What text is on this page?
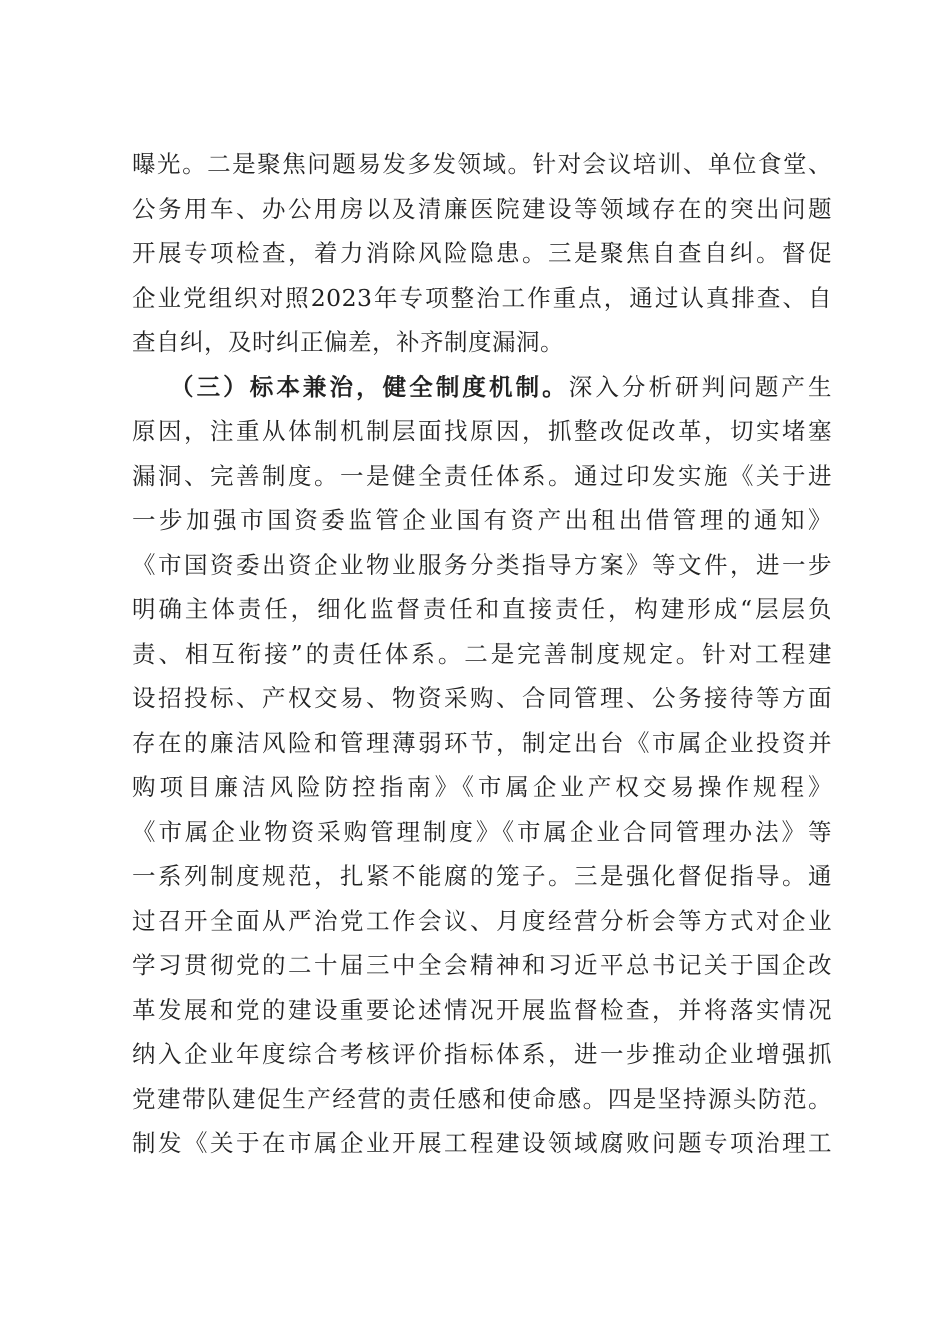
曝光。二是聚焦问题易发多发领域。针对会议培训、单位食堂、
公务用车、办公用房以及清廉医院建设等领域存在的突出问题
开展专项检查，着力消除风险隐患。三是聚焦自查自纠。督促
企业党组织对照2023年专项整治工作重点，通过认真排查、自
查自纠，及时纠正偏差，补齐制度漏洞。
（三）标本兼治，健全制度机制。深入分析研判问题产生
原因，注重从体制机制层面找原因，抓整改促改革，切实堵塞
漏洞、完善制度。一是健全责任体系。通过印发实施《关于进
一步加强市国资委监管企业国有资产出租出借管理的通知》
《市国资委出资企业物业服务分类指导方案》等文件，进一步
明确主体责任，细化监督责任和直接责任，构建形成“层层负
责、相互衔接”的责任体系。二是完善制度规定。针对工程建
设招投标、产权交易、物资采购、合同管理、公务接待等方面
存在的廉洁风险和管理薄弱环节，制定出台《市属企业投资并
购项目廉洁风险防控指南》《市属企业产权交易操作规程》
《市属企业物资采购管理制度》《市属企业合同管理办法》等
一系列制度规范，扎紧不能腐的笼子。三是强化督促指导。通
过召开全面从严治党工作会议、月度经营分析会等方式对企业
学习贯彻党的二十届三中全会精神和习近平总书记关于国企改
革发展和党的建设重要论述情况开展监督检查，并将落实情况
纳入企业年度综合考核评价指标体系，进一步推动企业增强抓
党建带队建促生产经营的责任感和使命感。四是坚持源头防范。
制发《关于在市属企业开展工程建设领域腐败问题专项治理工
